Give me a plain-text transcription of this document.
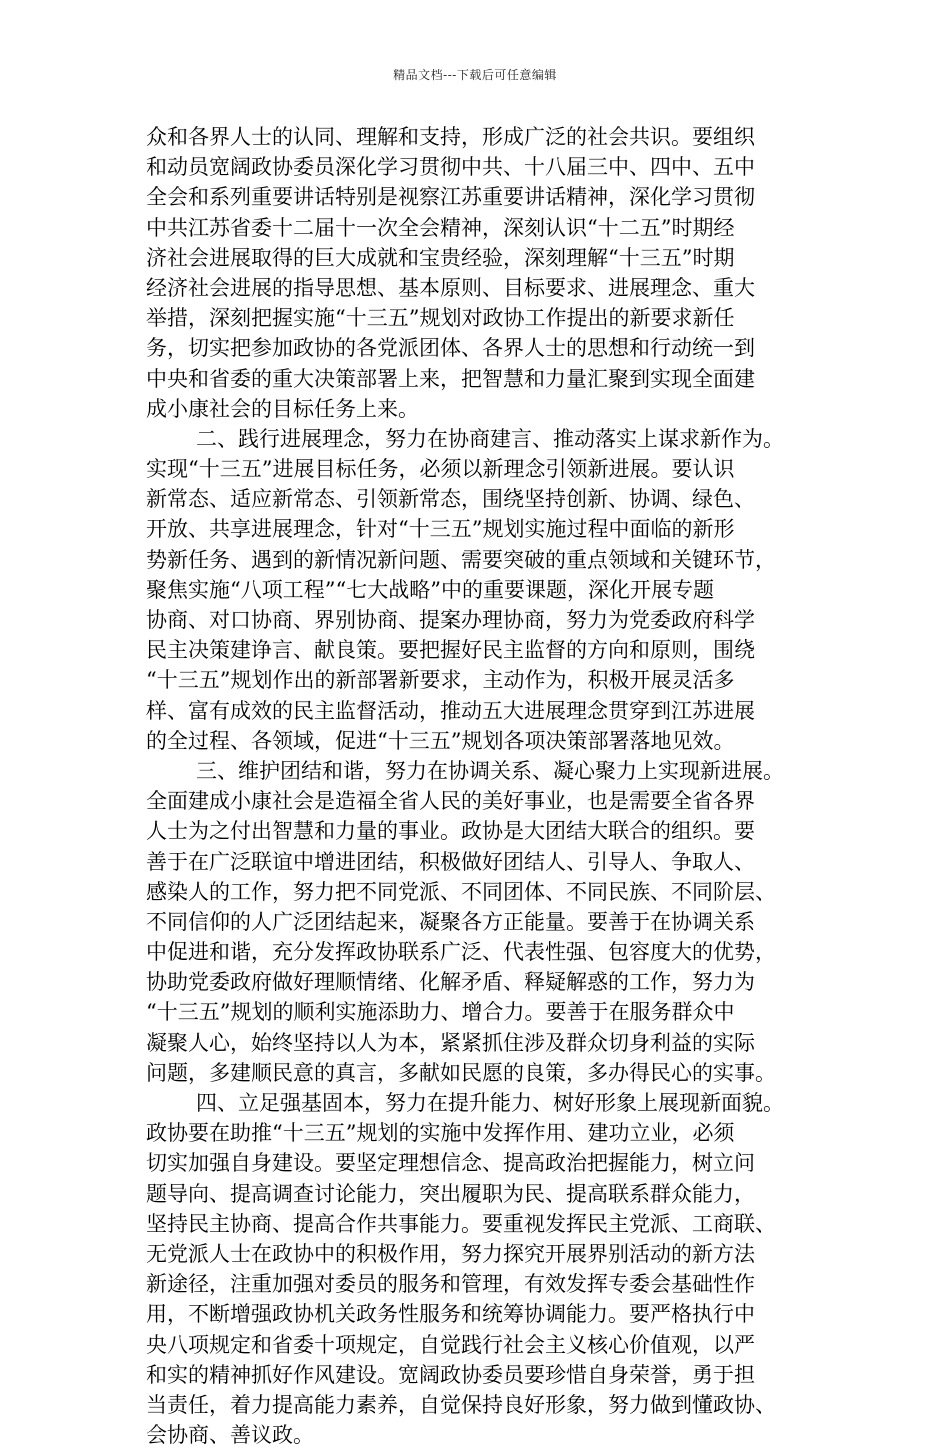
精品文档---下载后可任意编辑
众和各界人士的认同、理解和支持，形成广泛的社会共识。要组织
和动员宽阔政协委员深化学习贯彻中共、十八届三中、四中、五中
全会和系列重要讲话特别是视察江苏重要讲话精神，深化学习贯彻
中共江苏省委十二届十一次全会精神，深刻认识“十二五”时期经
济社会进展取得的巨大成就和宝贵经验，深刻理解“十三五”时期
经济社会进展的指导思想、基本原则、目标要求、进展理念、重大
举措，深刻把握实施“十三五”规划对政协工作提出的新要求新任
务，切实把参加政协的各党派团体、各界人士的思想和行动统一到
中央和省委的重大决策部署上来，把智慧和力量汇聚到实现全面建
成小康社会的目标任务上来。
二、践行进展理念，努力在协商建言、推动落实上谋求新作为。
实现“十三五”进展目标任务，必须以新理念引领新进展。要认识
新常态、适应新常态、引领新常态，围绕坚持创新、协调、绿色、
开放、共享进展理念，针对“十三五”规划实施过程中面临的新形
势新任务、遇到的新情况新问题、需要突破的重点领域和关键环节，
聚焦实施“八项工程”“七大战略”中的重要课题，深化开展专题
协商、对口协商、界别协商、提案办理协商，努力为党委政府科学
民主决策建诤言、献良策。要把握好民主监督的方向和原则，围绕
“十三五”规划作出的新部署新要求，主动作为，积极开展灵活多
样、富有成效的民主监督活动，推动五大进展理念贯穿到江苏进展
的全过程、各领域，促进“十三五”规划各项决策部署落地见效。
三、维护团结和谐，努力在协调关系、凝心聚力上实现新进展。
全面建成小康社会是造福全省人民的美好事业，也是需要全省各界
人士为之付出智慧和力量的事业。政协是大团结大联合的组织。要
善于在广泛联谊中增进团结，积极做好团结人、引导人、争取人、
感染人的工作，努力把不同党派、不同团体、不同民族、不同阶层、
不同信仰的人广泛团结起来，凝聚各方正能量。要善于在协调关系
中促进和谐，充分发挥政协联系广泛、代表性强、包容度大的优势，
协助党委政府做好理顺情绪、化解矛盾、释疑解惑的工作，努力为
“十三五”规划的顺利实施添助力、增合力。要善于在服务群众中
凝聚人心，始终坚持以人为本，紧紧抓住涉及群众切身利益的实际
问题，多建顺民意的真言，多献如民愿的良策，多办得民心的实事。
四、立足强基固本，努力在提升能力、树好形象上展现新面貌。
政协要在助推“十三五”规划的实施中发挥作用、建功立业，必须
切实加强自身建设。要坚定理想信念、提高政治把握能力，树立问
题导向、提高调查讨论能力，突出履职为民、提高联系群众能力，
坚持民主协商、提高合作共事能力。要重视发挥民主党派、工商联、
无党派人士在政协中的积极作用，努力探究开展界别活动的新方法
新途径，注重加强对委员的服务和管理，有效发挥专委会基础性作
用，不断增强政协机关政务性服务和统筹协调能力。要严格执行中
央八项规定和省委十项规定，自觉践行社会主义核心价值观，以严
和实的精神抓好作风建设。宽阔政协委员要珍惜自身荣誉，勇于担
当责任，着力提高能力素养，自觉保持良好形象，努力做到懂政协、
会协商、善议政。
